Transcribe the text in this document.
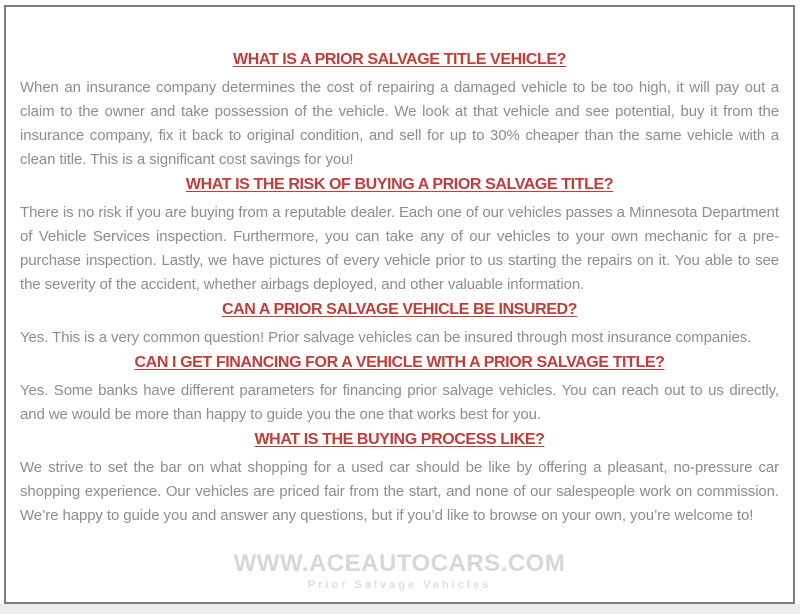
WHAT IS A PRIOR SALVAGE TITLE VEHICLE?

When an insurance company determines the cost of repairing a damaged vehicle to be too high, it will pay out a claim to the owner and take possession of the vehicle. We look at that vehicle and see potential, buy it from the insurance company, fix it back to original condition, and sell for up to 30% cheaper than the same vehicle with a clean title. This is a significant cost savings for you!

WHAT IS THE RISK OF BUYING A PRIOR SALVAGE TITLE?

There is no risk if you are buying from a reputable dealer. Each one of our vehicles passes a Minnesota Department of Vehicle Services inspection. Furthermore, you can take any of our vehicles to your own mechanic for a pre-purchase inspection. Lastly, we have pictures of every vehicle prior to us starting the repairs on it. You able to see the severity of the accident, whether airbags deployed, and other valuable information.

CAN A PRIOR SALVAGE VEHICLE BE INSURED?

Yes. This is a very common question! Prior salvage vehicles can be insured through most insurance companies.

CAN I GET FINANCING FOR A VEHICLE WITH A PRIOR SALVAGE TITLE?

Yes. Some banks have different parameters for financing prior salvage vehicles. You can reach out to us directly, and we would be more than happy to guide you the one that works best for you.

WHAT IS THE BUYING PROCESS LIKE?

We strive to set the bar on what shopping for a used car should be like by offering a pleasant, no-pressure car shopping experience. Our vehicles are priced fair from the start, and none of our salespeople work on commission. We’re happy to guide you and answer any questions, but if you’d like to browse on your own, you’re welcome to!

WWW.ACEAUTOCARS.COM
Prior Salvage Vehicles
